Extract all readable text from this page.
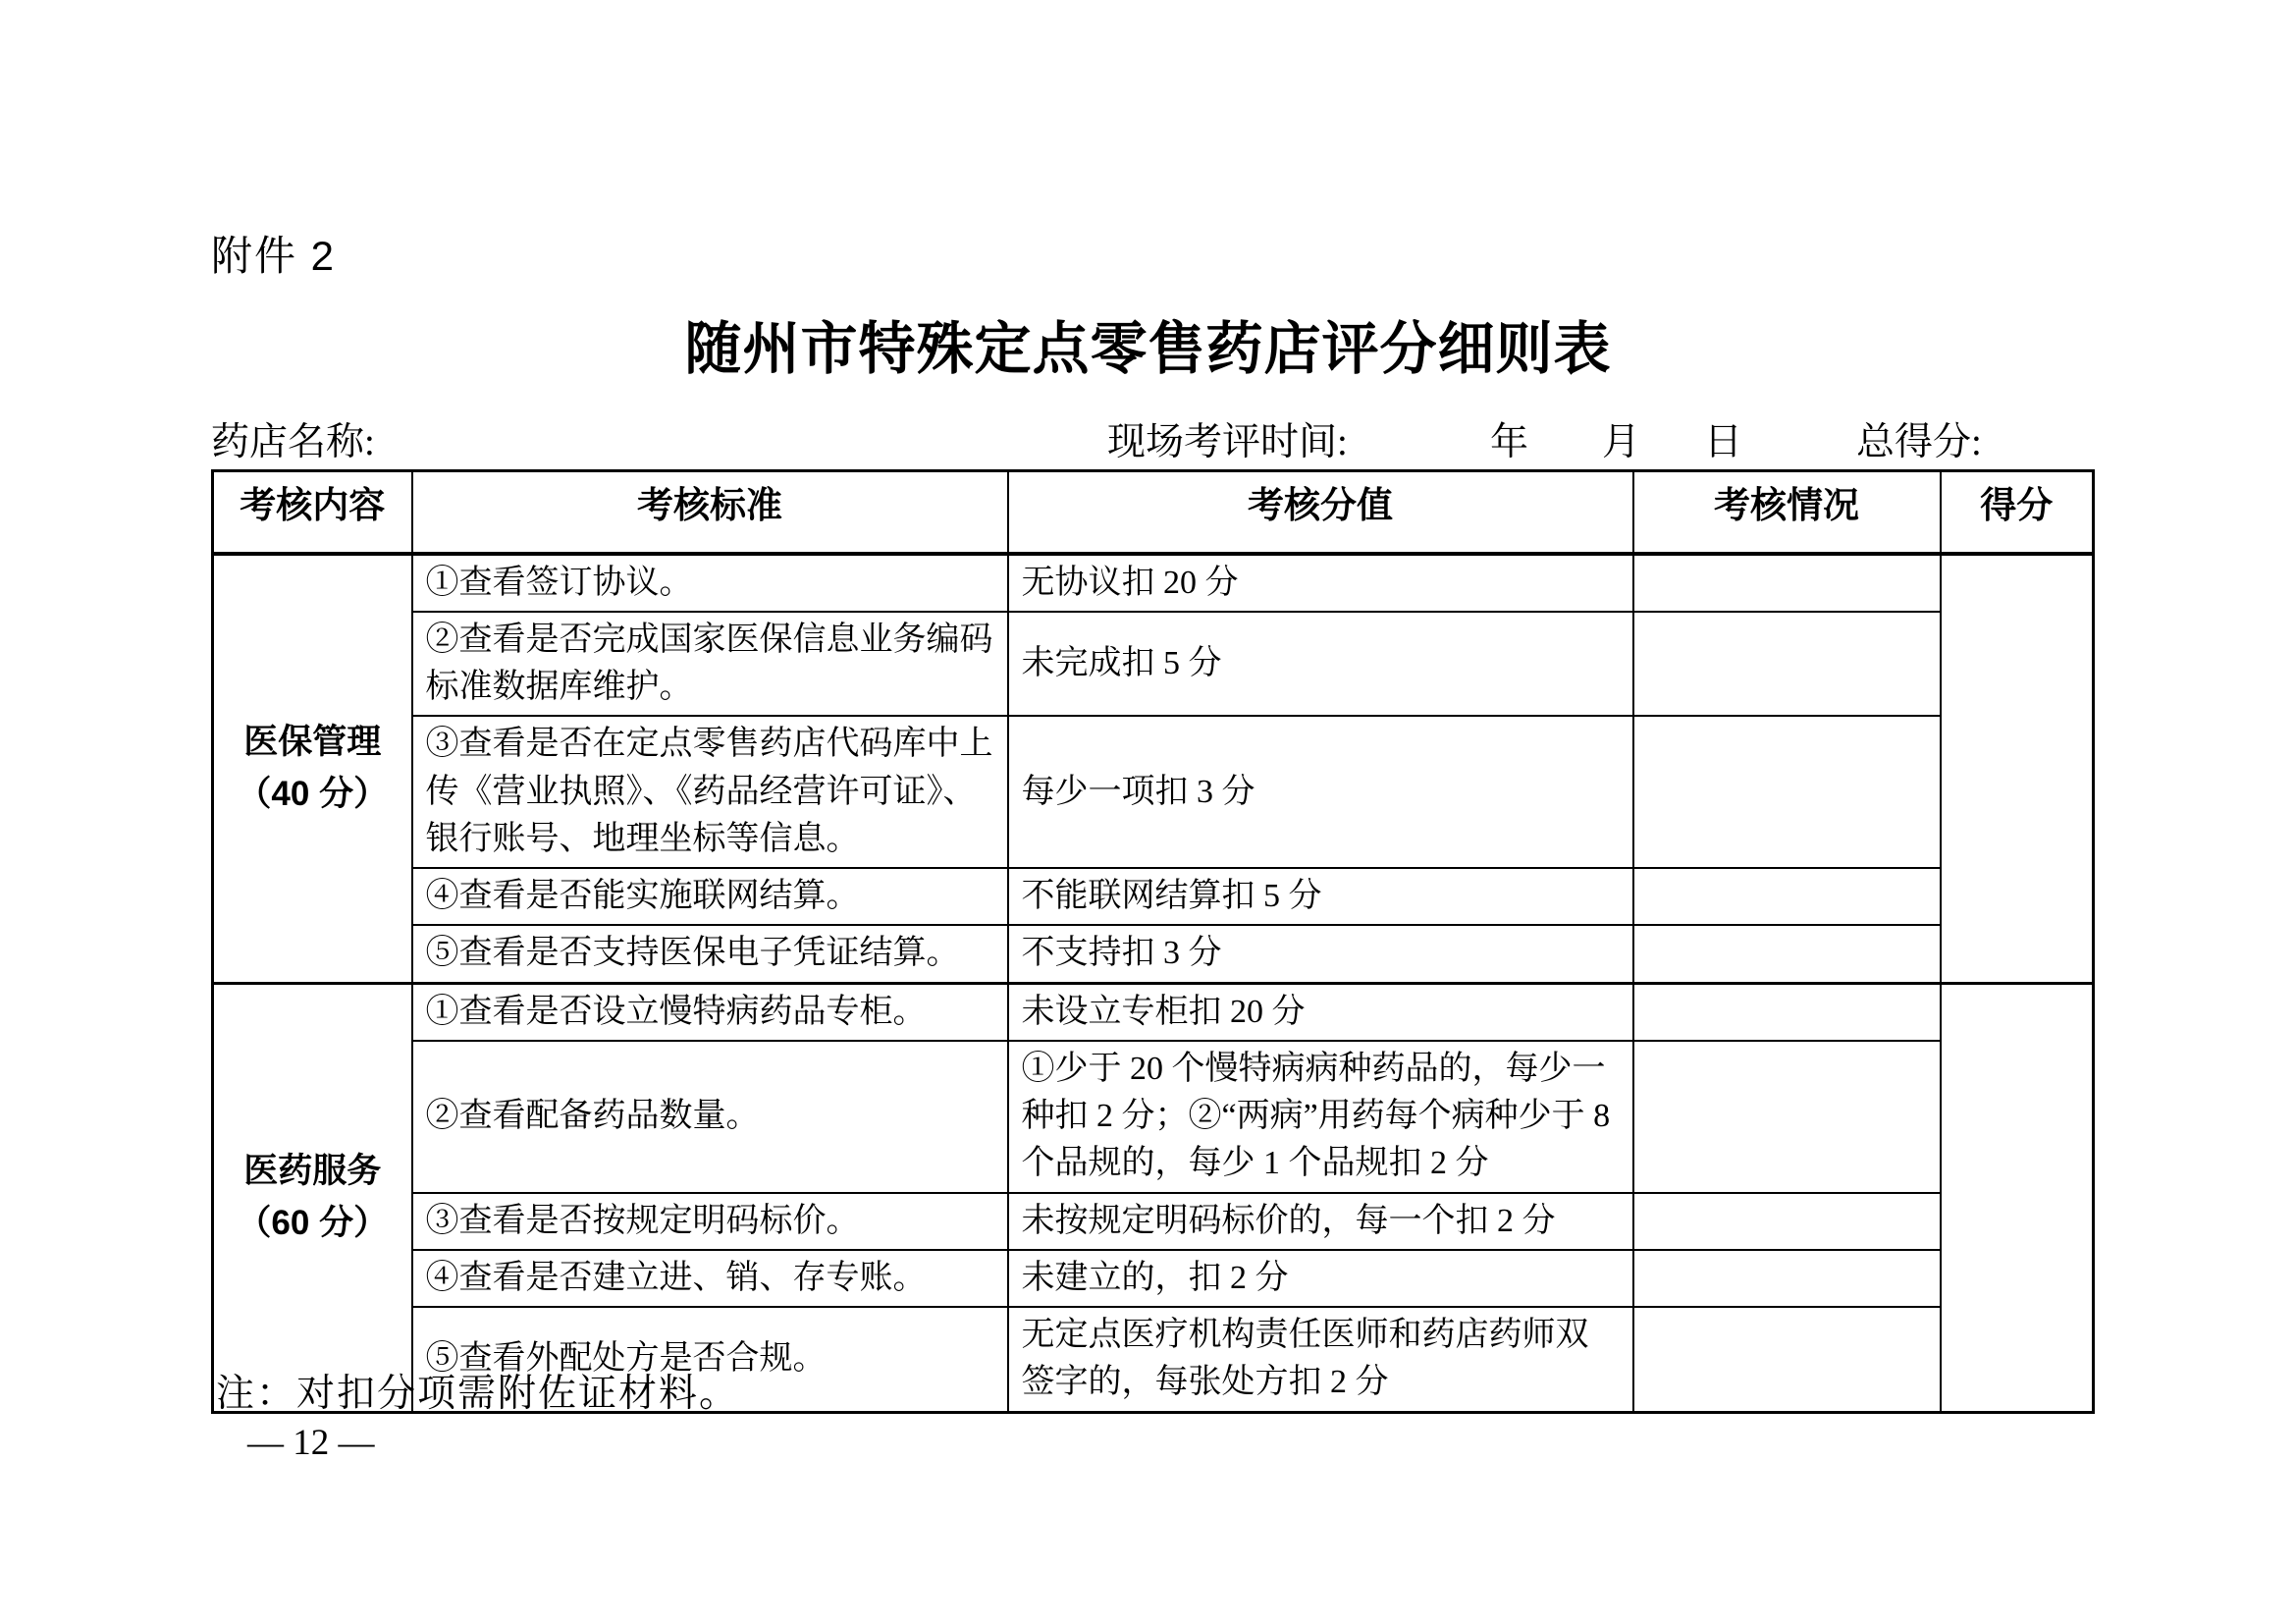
附件 2
随州市特殊定点零售药店评分细则表
药店名称:	现场考评时间:	年 月 日	总得分:
考核内容	考核标准	考核分值	考核情况	得分

医保管理
（40 分）	①查看签订协议。	无协议扣 20 分		
	②查看是否完成国家医保信息业务编码标准数据库维护。	未完成扣 5 分		
	③查看是否在定点零售药店代码库中上传《营业执照》、《药品经营许可证》、银行账号、地理坐标等信息。	每少一项扣 3 分		
	④查看是否能实施联网结算。	不能联网结算扣 5 分		
	⑤查看是否支持医保电子凭证结算。	不支持扣 3 分		

医药服务
（60 分）	①查看是否设立慢特病药品专柜。	未设立专柜扣 20 分		
	②查看配备药品数量。	①少于 20 个慢特病病种药品的，每少一种扣 2 分；②“两病”用药每个病种少于 8 个品规的，每少 1 个品规扣 2 分		
	③查看是否按规定明码标价。	未按规定明码标价的，每一个扣 2 分		
	④查看是否建立进、销、存专账。	未建立的，扣 2 分		
	⑤查看外配处方是否合规。	无定点医疗机构责任医师和药店药师双签字的，每张处方扣 2 分		
注：对扣分项需附佐证材料。
— 12 —
